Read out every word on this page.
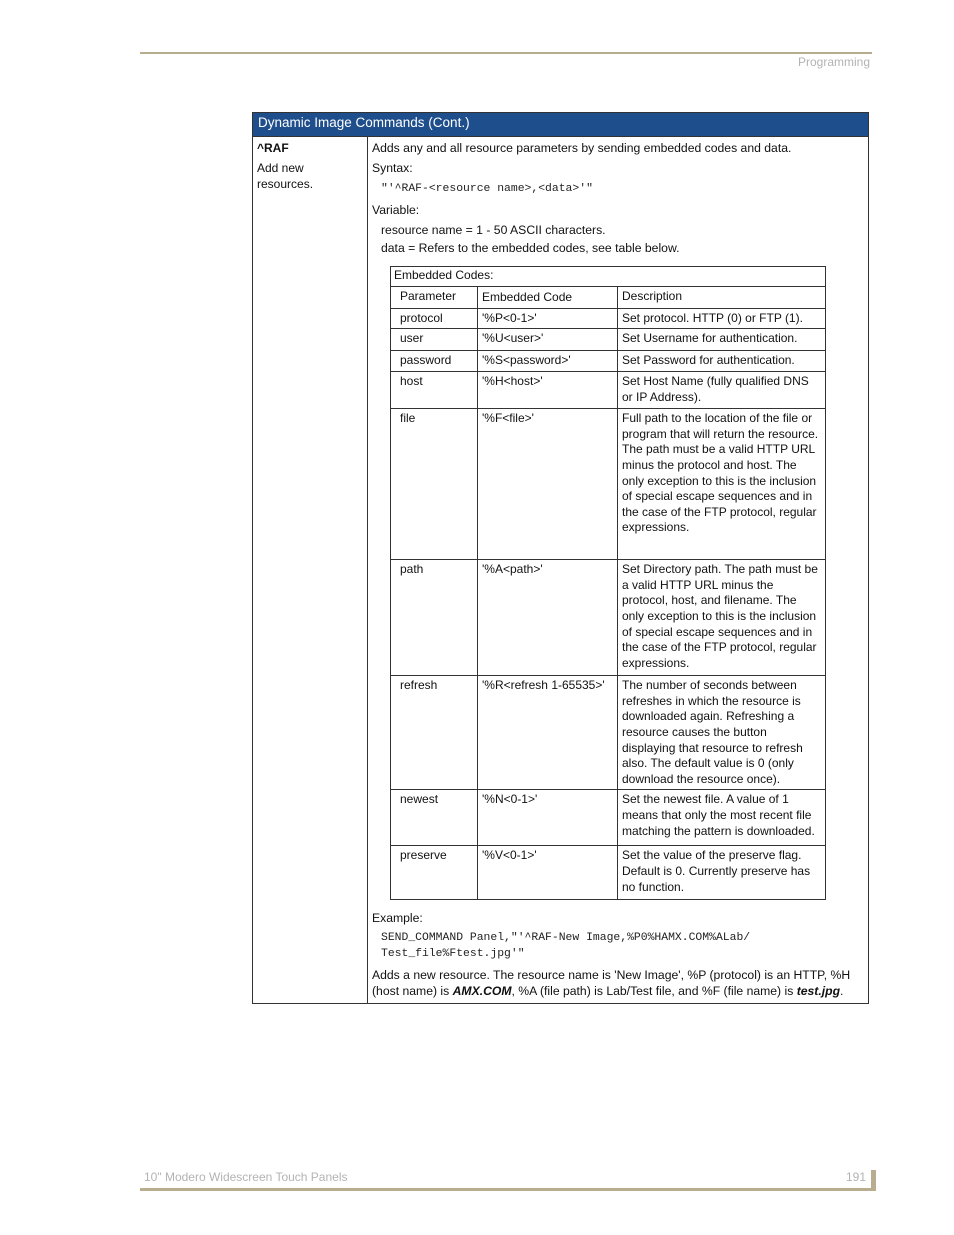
Programming
Dynamic Image Commands (Cont.)
^RAF
Add new
resources.

Adds any and all resource parameters by sending embedded codes and data.

Syntax:

"'^RAF-<resource name>,<data>'"

Variable:

resource name = 1 - 50 ASCII characters.

data = Refers to the embedded codes, see table below.

Embedded Codes:		
Parameter	Embedded Code	Description
protocol	'%P<0-1>'	Set protocol. HTTP (0) or FTP (1).
user	'%U<user>'	Set Username for authentication.
password	'%S<password>'	Set Password for authentication.
host	'%H<host>'	Set Host Name (fully qualified DNS or IP Address).
file	'%F<file>'	Full path to the location of the file or program that will return the resource. The path must be a valid HTTP URL minus the protocol and host. The only exception to this is the inclusion of special escape sequences and in the case of the FTP protocol, regular expressions.
path	'%A<path>'	Set Directory path. The path must be a valid HTTP URL minus the protocol, host, and filename. The only exception to this is the inclusion of special escape sequences and in the case of the FTP protocol, regular expressions.
refresh	'%R<refresh 1-65535>'	The number of seconds between refreshes in which the resource is downloaded again. Refreshing a resource causes the button displaying that resource to refresh also. The default value is 0 (only download the resource once).
newest	'%N<0-1>'	Set the newest file. A value of 1 means that only the most recent file matching the pattern is downloaded.
preserve	'%V<0-1>'	Set the value of the preserve flag. Default is 0. Currently preserve has no function.

Example:

SEND_COMMAND Panel,"'^RAF-New Image,%P0%HAMX.COM%ALab/

Test_file%Ftest.jpg'"

Adds a new resource. The resource name is 'New Image', %P (protocol) is an HTTP, %H (host name) is AMX.COM, %A (file path) is Lab/Test file, and %F (file name) is test.jpg.

10" Modero Widescreen Touch Panels	191
